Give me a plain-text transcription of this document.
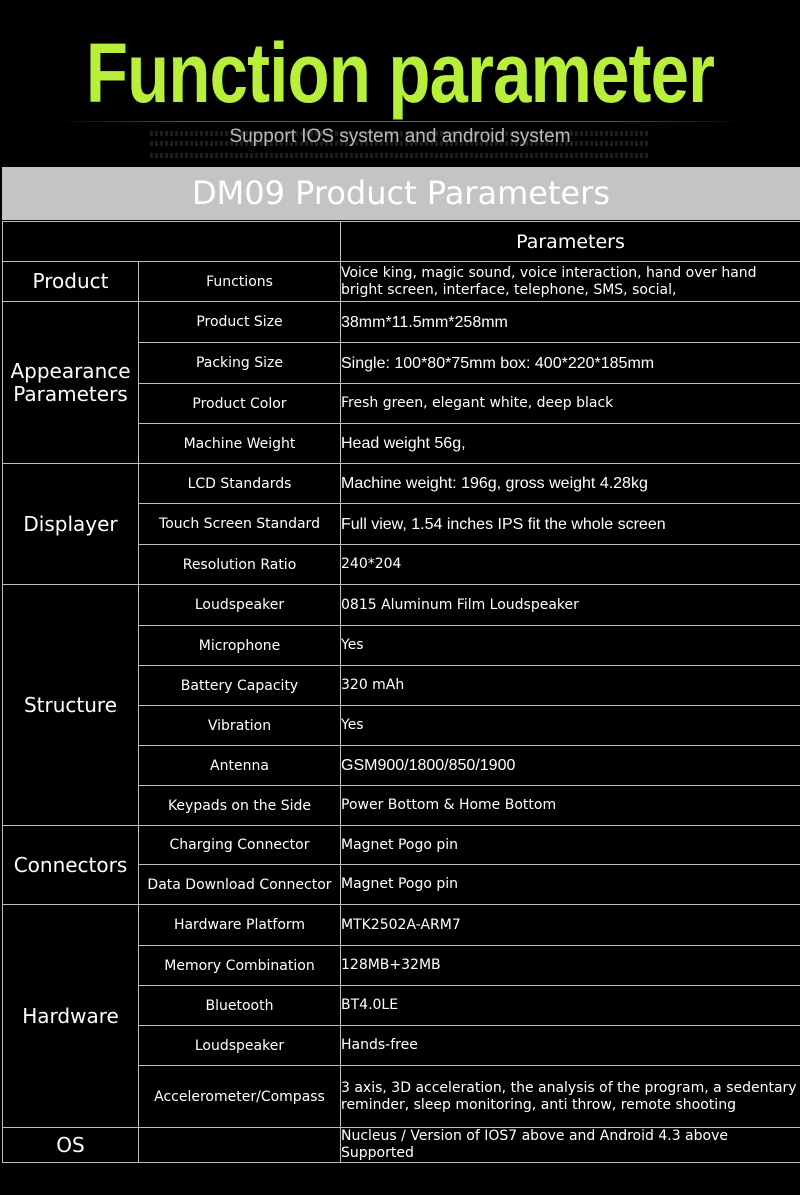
Function parameter
Support IOS system and android system
DM09 Product Parameters
		Parameters
Product	Functions	Voice king, magic sound, voice interaction, hand over hand bright screen, interface, telephone, SMS, social,
Appearance Parameters	Product Size	38mm*11.5mm*258mm
	Packing Size	Single: 100*80*75mm box: 400*220*185mm
	Product Color	Fresh green, elegant white, deep black
	Machine Weight	Head weight 56g,
Displayer	LCD Standards	Machine weight: 196g, gross weight 4.28kg
	Touch Screen Standard	Full view, 1.54 inches IPS fit the whole screen
	Resolution Ratio	240*204
Structure	Loudspeaker	0815 Aluminum Film Loudspeaker
	Microphone	Yes
	Battery Capacity	320 mAh
	Vibration	Yes
	Antenna	GSM900/1800/850/1900
	Keypads on the Side	Power Bottom & Home Bottom
Connectors	Charging Connector	Magnet Pogo pin
	Data Download Connector	Magnet Pogo pin
Hardware	Hardware Platform	MTK2502A-ARM7
	Memory Combination	128MB+32MB
	Bluetooth	BT4.0LE
	Loudspeaker	Hands-free
	Accelerometer/Compass	3 axis, 3D acceleration, the analysis of the program, a sedentary reminder, sleep monitoring, anti throw, remote shooting
OS		Nucleus / Version of IOS7 above and Android 4.3 above Supported
